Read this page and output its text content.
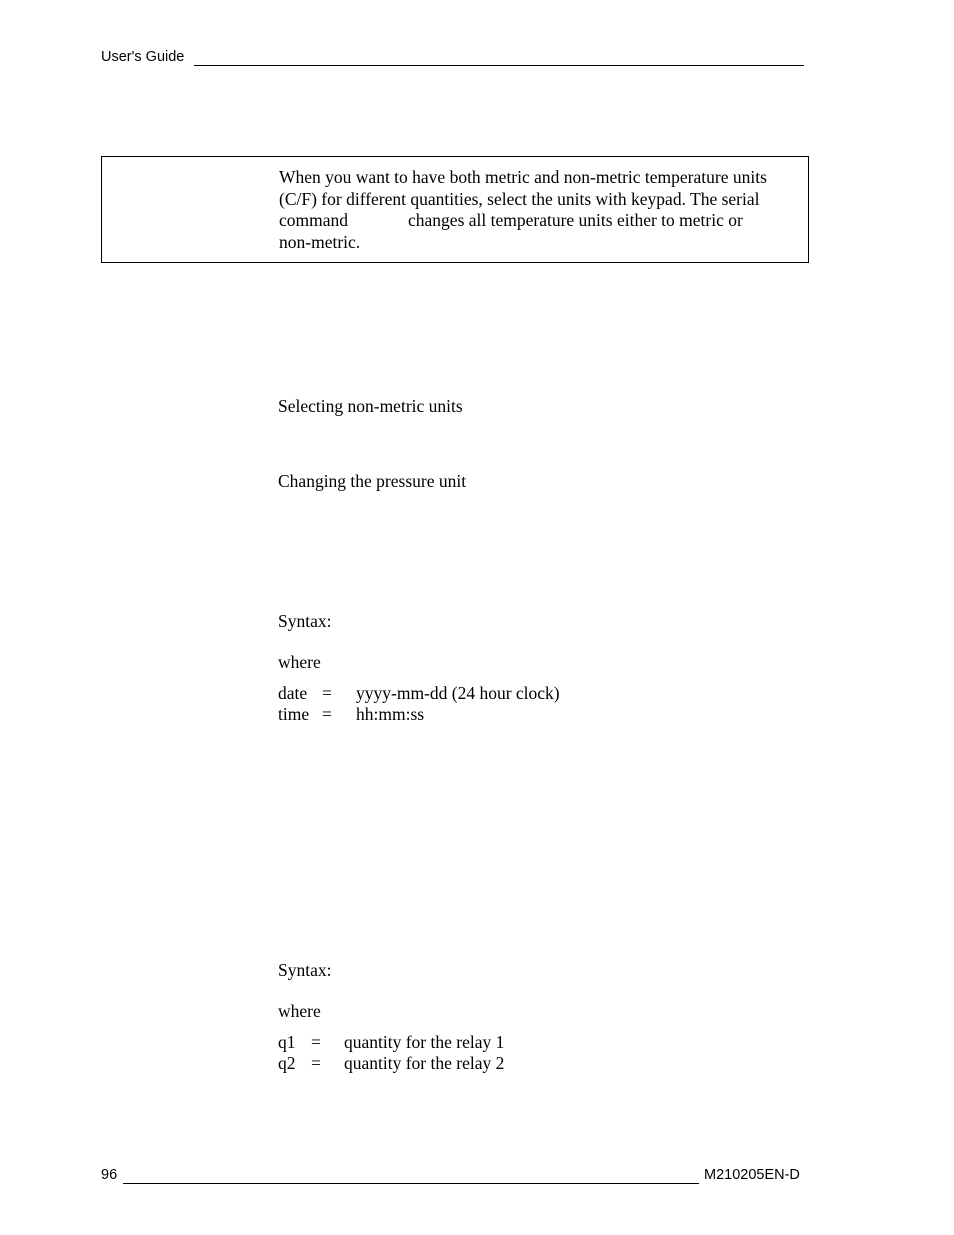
User's Guide
When you want to have both metric and non-metric temperature units
(C/F) for different quantities, select the units with keypad. The serial
command	changes all temperature units either to metric or
non-metric.
Selecting non-metric units
Changing the pressure unit
Syntax:
where
date = yyyy-mm-dd (24 hour clock)
time = hh:mm:ss
Syntax:
where
q1 = quantity for the relay 1
q2 = quantity for the relay 2
96	M210205EN-D
